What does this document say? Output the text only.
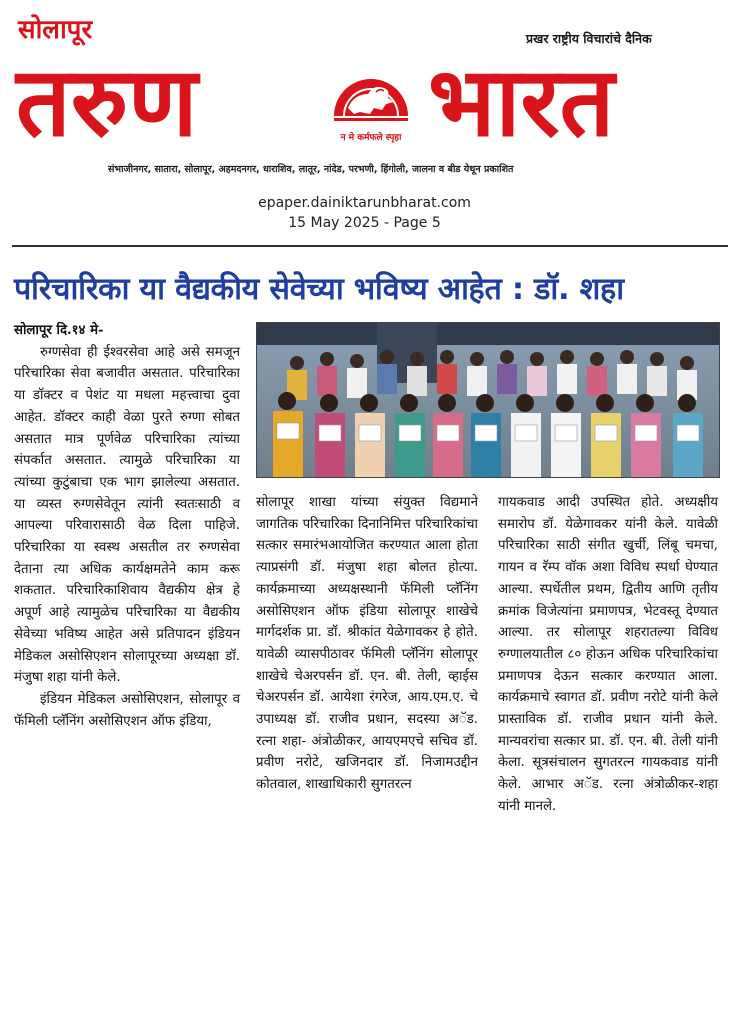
सोलापूर	प्रखर राष्ट्रीय विचारांचे दैनिक
तरुण	न मे कर्मफले स्पृहा भारत
संभाजीनगर, सातारा, सोलापूर, अहमदनगर, धाराशिव, लातूर, नांदेड, परभणी, हिंगोली, जालना व बीड येथून प्रकाशित
epaper.dainiktarunbharat.com
15 May 2025 - Page 5
परिचारिका या वैद्यकीय सेवेच्या भविष्य आहेत : डॉ. शहा

सोलापूर दि.१४ मे-

रुग्णसेवा ही ईश्वरसेवा आहे असे समजून परिचारिका सेवा बजावीत असतात. परिचारिका या डॉक्टर व पेशंट या मधला महत्त्वाचा दुवा आहेत. डॉक्टर काही वेळा पुरते रुग्णा सोबत असतात मात्र पूर्णवेळ परिचारिका त्यांच्या संपर्कात असतात. त्यामुळे परिचारिका या त्यांच्या कुटुंबाचा एक भाग झालेल्या असतात. या व्यस्त रुग्णसेवेतून त्यांनी स्वतःसाठी व आपल्या परिवारासाठी वेळ दिला पाहिजे. परिचारिका या स्वस्थ असतील तर रुग्णसेवा देताना त्या अधिक कार्यक्षमतेने काम करू शकतात. परिचारिकाशिवाय वैद्यकीय क्षेत्र हे अपूर्ण आहे त्यामुळेच परिचारिका या वैद्यकीय सेवेच्या भविष्य आहेत असे प्रतिपादन इंडियन मेडिकल असोसिएशन सोलापूरच्या अध्यक्षा डॉ. मंजुषा शहा यांनी केले.

इंडियन मेडिकल असोसिएशन, सोलापूर व फॅमिली प्लॅनिंग असोसिएशन ऑफ इंडिया,

सोलापूर शाखा यांच्या संयुक्त विद्यमाने जागतिक परिचारिका दिनानिमित्त परिचारिकांचा सत्कार समारंभआयोजित करण्यात आला होता त्याप्रसंगी डॉ. मंजुषा शहा बोलत होत्या. कार्यक्रमाच्या अध्यक्षस्थानी फॅमिली प्लॅनिंग असोसिएशन ऑफ इंडिया सोलापूर शाखेचे मार्गदर्शक प्रा. डॉ. श्रीकांत येळेगावकर हे होते. यावेळी व्यासपीठावर फॅमिली प्लॅनिंग सोलापूर शाखेचे चेअरपर्सन डॉ. एन. बी. तेली, व्हाईस चेअरपर्सन डॉ. आयेशा रंगरेज, आय.एम.ए. चे उपाध्यक्ष डॉ. राजीव प्रधान, सदस्या अॅड. रत्ना शहा- अंत्रोळीकर, आयएमएचे सचिव डॉ. प्रवीण नरोटे, खजिनदार डॉ. निजामउद्दीन कोतवाल, शाखाधिकारी सुगतरत्न

गायकवाड आदी उपस्थित होते. अध्यक्षीय समारोप डॉ. येळेगावकर यांनी केले. यावेळी परिचारिका साठी संगीत खुर्ची, लिंबू चमचा, गायन व रॅम्प वॉक अशा विविध स्पर्धा घेण्यात आल्या. स्पर्धेतील प्रथम, द्वितीय आणि तृतीय क्रमांक विजेत्यांना प्रमाणपत्र, भेटवस्तू देण्यात आल्या. तर सोलापूर शहरातल्या विविध रुग्णालयातील ८० होऊन अधिक परिचारिकांचा प्रमाणपत्र देऊन सत्कार करण्यात आला. कार्यक्रमाचे स्वागत डॉ. प्रवीण नरोटे यांनी केले प्रास्ताविक डॉ. राजीव प्रधान यांनी केले. मान्यवरांचा सत्कार प्रा. डॉ. एन. बी. तेली यांनी केला. सूत्रसंचालन सुगतरत्न गायकवाड यांनी केले. आभार अॅड. रत्ना अंत्रोळीकर-शहा यांनी मानले.
